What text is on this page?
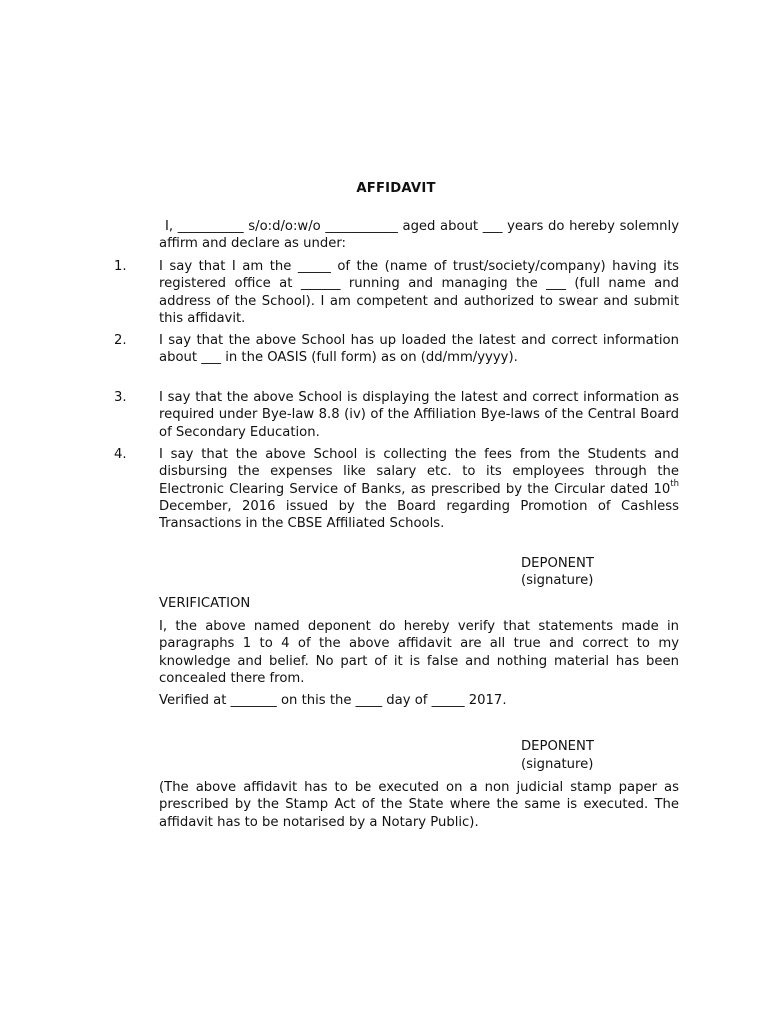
AFFIDAVIT
I, __________ s/o:d/o:w/o ___________ aged about ___ years do hereby solemnly affirm and declare as under:
1. I say that I am the _____ of the (name of trust/society/company) having its registered office at ______ running and managing the ___ (full name and address of the School). I am competent and authorized to swear and submit this affidavit.
2. I say that the above School has up loaded the latest and correct information about ___ in the OASIS (full form) as on (dd/mm/yyyy).
3. I say that the above School is displaying the latest and correct information as required under Bye-law 8.8 (iv) of the Affiliation Bye-laws of the Central Board of Secondary Education.
4. I say that the above School is collecting the fees from the Students and disbursing the expenses like salary etc. to its employees through the Electronic Clearing Service of Banks, as prescribed by the Circular dated 10th December, 2016 issued by the Board regarding Promotion of Cashless Transactions in the CBSE Affiliated Schools.
DEPONENT
(signature)
VERIFICATION
I, the above named deponent do hereby verify that statements made in paragraphs 1 to 4 of the above affidavit are all true and correct to my knowledge and belief. No part of it is false and nothing material has been concealed there from.
Verified at _______ on this the ____ day of _____ 2017.
DEPONENT
(signature)
(The above affidavit has to be executed on a non judicial stamp paper as prescribed by the Stamp Act of the State where the same is executed. The affidavit has to be notarised by a Notary Public).
